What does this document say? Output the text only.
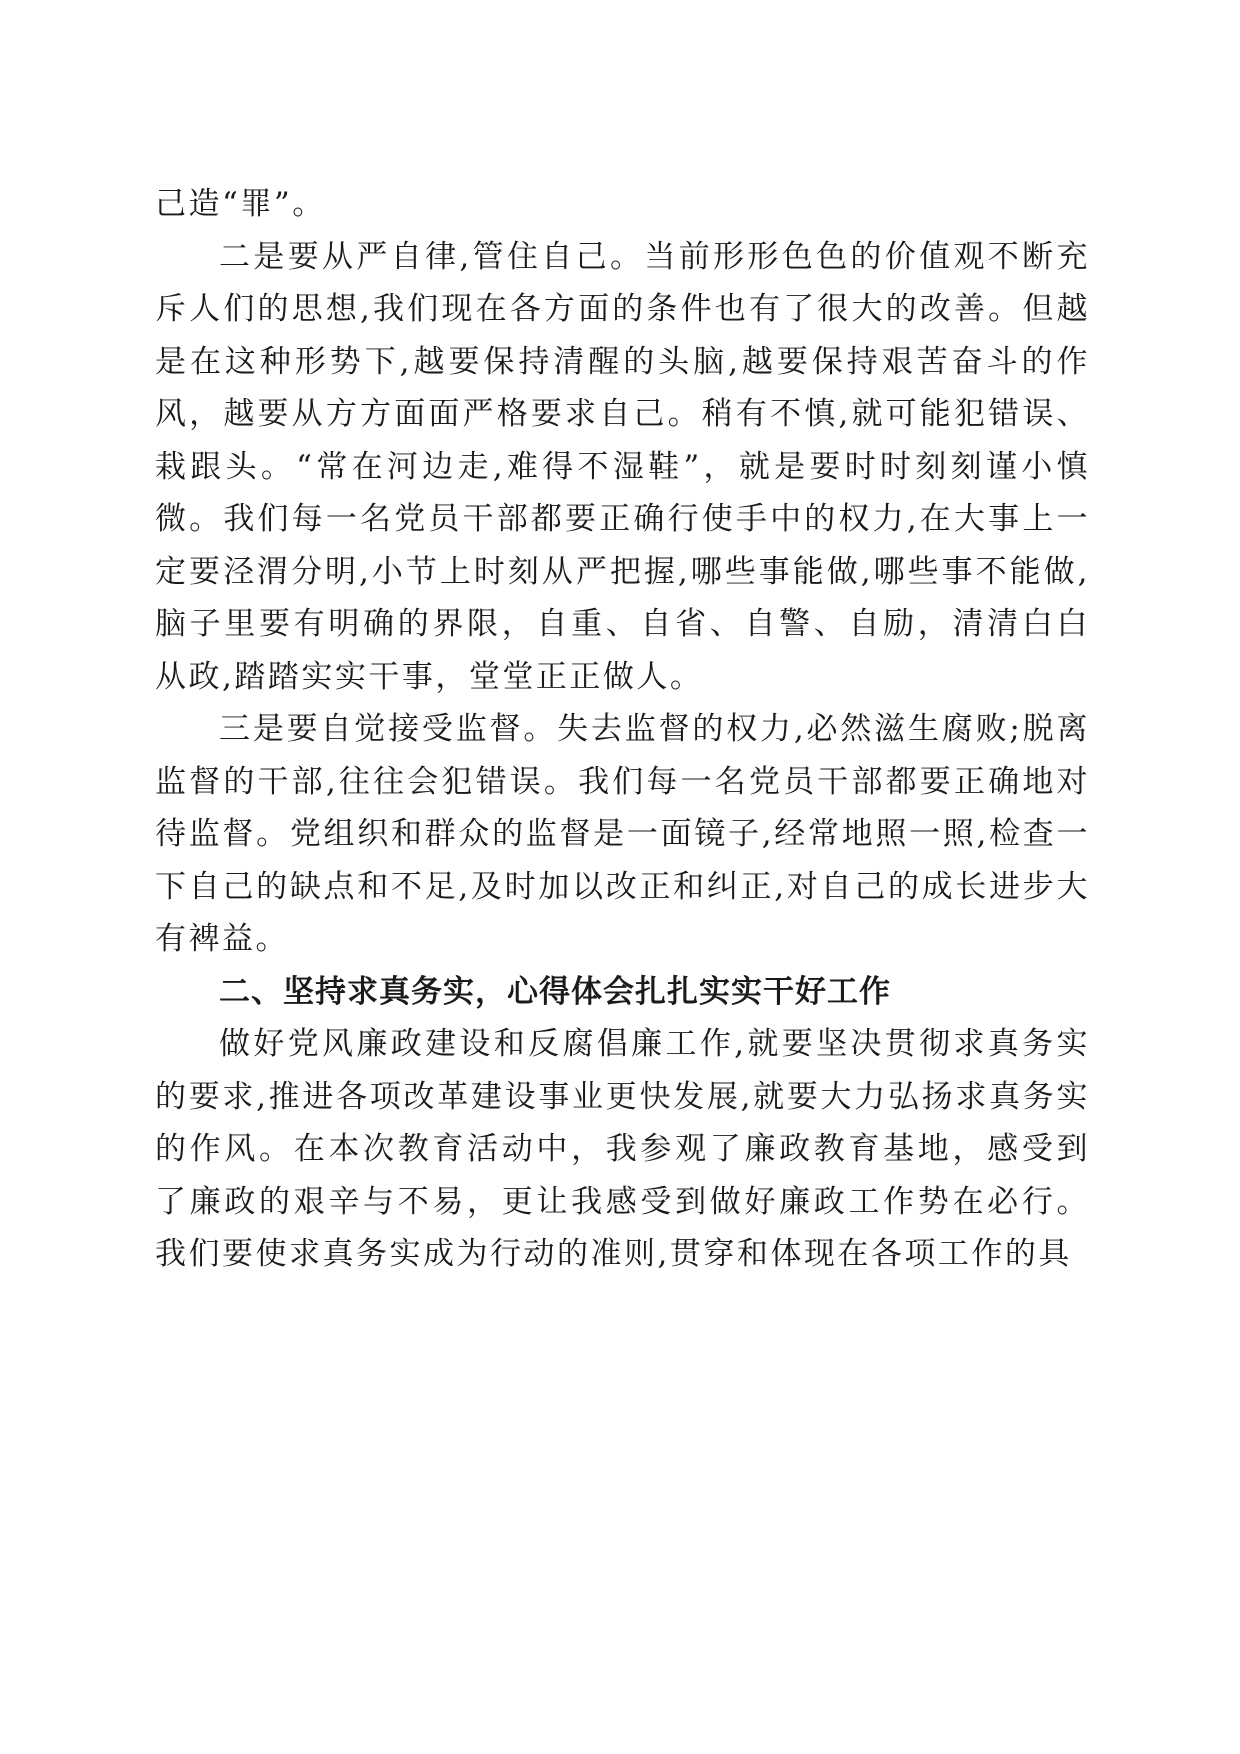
己造“罪”。

二是要从严自律,管住自己。当前形形色色的价值观不断充斥人们的思想,我们现在各方面的条件也有了很大的改善。但越是在这种形势下,越要保持清醒的头脑,越要保持艰苦奋斗的作风，越要从方方面面严格要求自己。稍有不慎,就可能犯错误、栽跟头。“常在河边走,难得不湿鞋”，就是要时时刻刻谨小慎微。我们每一名党员干部都要正确行使手中的权力,在大事上一定要泾渭分明,小节上时刻从严把握,哪些事能做,哪些事不能做,脑子里要有明确的界限，自重、自省、自警、自励，清清白白从政,踏踏实实干事，堂堂正正做人。

三是要自觉接受监督。失去监督的权力,必然滋生腐败;脱离监督的干部,往往会犯错误。我们每一名党员干部都要正确地对待监督。党组织和群众的监督是一面镜子,经常地照一照,检查一下自己的缺点和不足,及时加以改正和纠正,对自己的成长进步大有裨益。

二、坚持求真务实，心得体会扎扎实实干好工作

做好党风廉政建设和反腐倡廉工作,就要坚决贯彻求真务实的要求,推进各项改革建设事业更快发展,就要大力弘扬求真务实的作风。在本次教育活动中，我参观了廉政教育基地，感受到了廉政的艰辛与不易，更让我感受到做好廉政工作势在必行。我们要使求真务实成为行动的准则,贯穿和体现在各项工作的具
